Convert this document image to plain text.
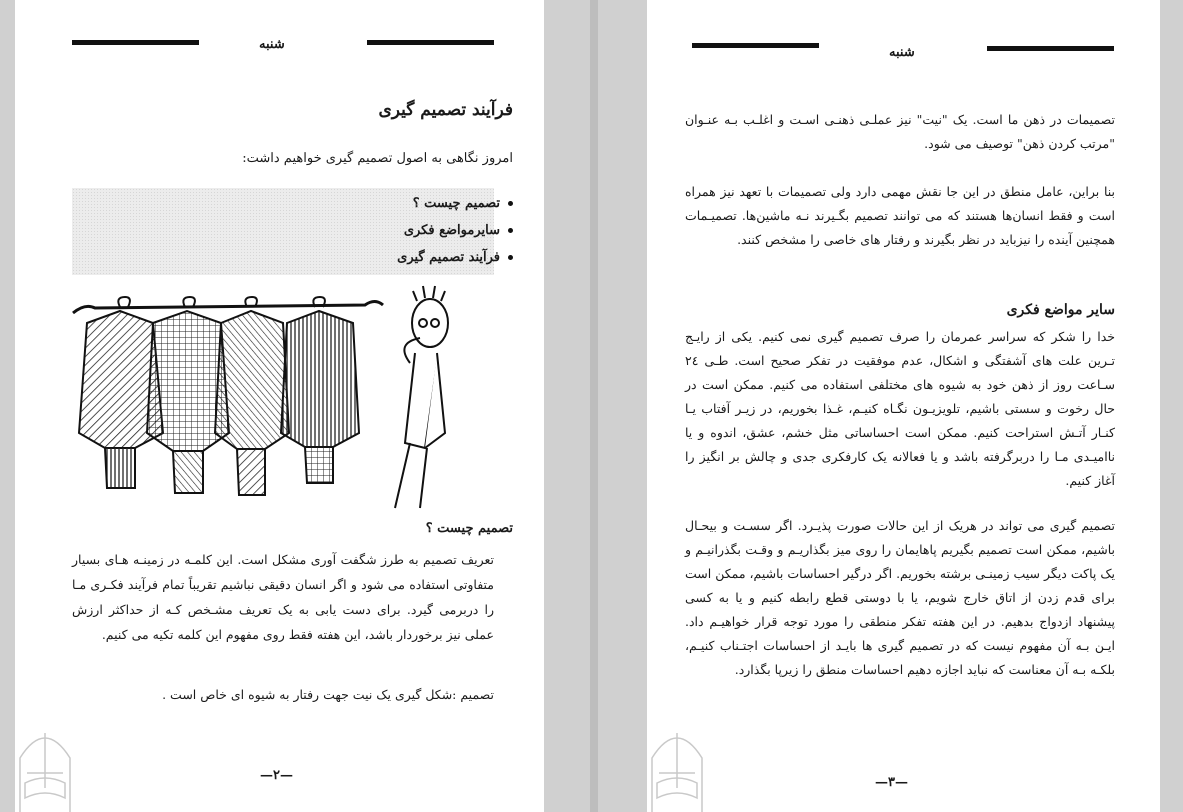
شنبه
فرآیند تصمیم گیری
امروز نگاهی به اصول تصمیم گیری خواهیم داشت:
تصمیم چیست ؟
سایرمواضع فکری
فرآیند تصمیم گیری
تصمیم چیست ؟
تعریف تصمیم به طرز شگفت آوری مشکل است. این کلمـه در زمینـه هـای بسیار متفاوتی استفاده می شود و اگر انسان دقیقی نباشیم تقریباً تمام فرآیند فکـری مـا را دربرمی گیرد. برای دست یابی به یک تعریف مشـخص کـه از حداکثر ارزش عملی نیز برخوردار باشد، این هفته فقط روی مفهوم این کلمه تکیه می کنیم.
تصمیم :شکل گیری یک نیت جهت رفتار به شیوه ای خاص است .
—۲—
شنبه
تصمیمات در ذهن ما است. یک "نیت" نیز عملـی ذهنـی اسـت و اغلـب بـه عنـوان "مرتب کردن ذهن" توصیف می شود.
بنا براین، عامل منطق در این جا نقش مهمی دارد ولی تصمیمات با تعهد نیز همراه است و فقط انسان‌ها هستند که می توانند تصمیم بگـیرند نـه ماشین‌ها. تصمیـمات همچنین آینده را نیزباید در نظر بگیرند و رفتار های خاصی را مشخص کنند.
سایر مواضع فکری
خدا را شکر که سراسر عمرمان را صرف تصمیم گیری نمی کنیم. یکی از رایـج تـرین علت های آشفتگی و اشکال، عدم موفقیت در تفکر صحیح است. طـی ۲٤ سـاعت روز از ذهن خود به شیوه های مختلفی استفاده می کنیم. ممکن است در حال رخوت و سستی باشیم، تلویزیـون نگـاه کنیـم، غـذا بخوریم، در زیـر آفتاب یـا کنـار آتـش استراحت کنیم. ممکن است احساساتی مثل خشم، عشق، اندوه و یا ناامیـدی مـا را دربرگرفته باشد و یا فعالانه یک کارفکری جدی و چالش بر انگیز را آغاز کنیم.
تصمیم گیری می تواند در هریک از این حالات صورت پذیـرد. اگر سسـت و بیحـال باشیم، ممکن است تصمیم بگیریم پاهایمان را روی میز بگذاریـم و وقـت بگذرانیـم و یک پاکت دیگر سیب زمینـی برشته بخوریم. اگر درگیر احساسات باشیم، ممکن است برای قدم زدن از اتاق خارج شویم، یا با دوستی قطع رابطه کنیم و یا به کسی پیشنهاد ازدواج بدهیم. در این هفته تفکر منطقی را مورد توجه قرار خواهیـم داد. ایـن بـه آن مفهوم نیست که در تصمیم گیری ها بایـد از احساسات اجتـناب کنیـم، بلکـه بـه آن معناست که نباید اجازه دهیم احساسات منطق را زیرپا بگذارد.
—۳—
